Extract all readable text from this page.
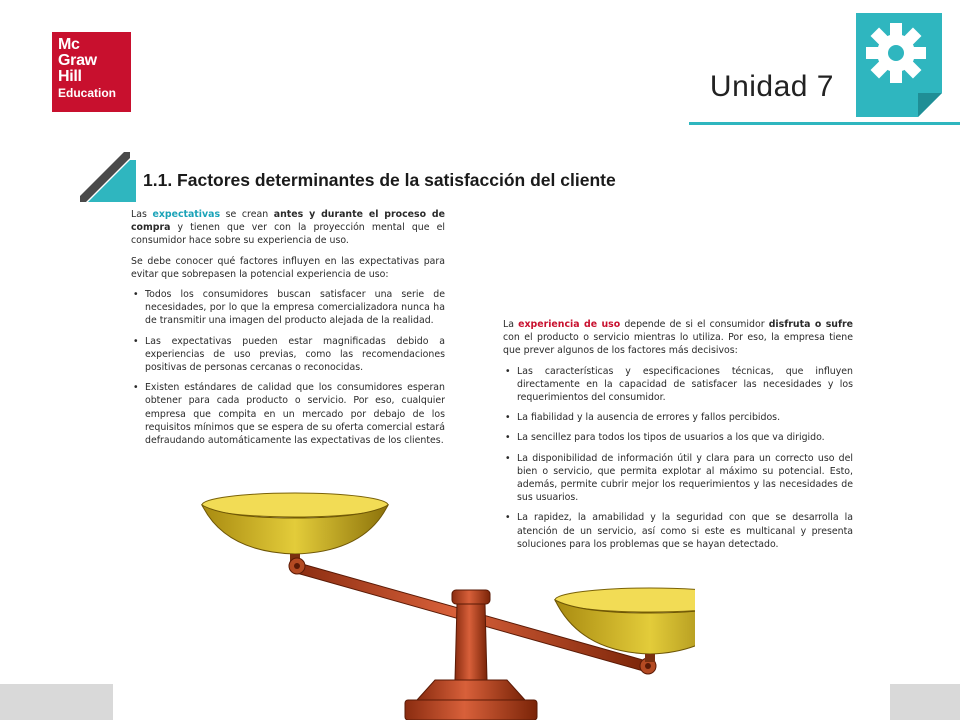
Mc
Graw
Hill
Education	Unidad 7
1.1. Factores determinantes de la satisfacción del cliente

Las expectativas se crean antes y durante el proceso de compra y tienen que ver con la proyección mental que el consumidor hace sobre su experiencia de uso.

Se debe conocer qué factores influyen en las expectativas para evitar que sobrepasen la potencial experiencia de uso:

• Todos los consumidores buscan satisfacer una serie de necesidades, por lo que la empresa comercializadora nunca ha de transmitir una imagen del producto alejada de la realidad.
• Las expectativas pueden estar magnificadas debido a experiencias de uso previas, como las recomendaciones positivas de personas cercanas o reconocidas.
• Existen estándares de calidad que los consumidores esperan obtener para cada producto o servicio. Por eso, cualquier empresa que compita en un mercado por debajo de los requisitos mínimos que se espera de su oferta comercial estará defraudando automáticamente las expectativas de los clientes.

La experiencia de uso depende de si el consumidor disfruta o sufre con el producto o servicio mientras lo utiliza. Por eso, la empresa tiene que prever algunos de los factores más decisivos:

• Las características y especificaciones técnicas, que influyen directamente en la capacidad de satisfacer las necesidades y los requerimientos del consumidor.
• La fiabilidad y la ausencia de errores y fallos percibidos.
• La sencillez para todos los tipos de usuarios a los que va dirigido.
• La disponibilidad de información útil y clara para un correcto uso del bien o servicio, que permita explotar al máximo su potencial. Esto, además, permite cubrir mejor los requerimientos y las necesidades de sus usuarios.
• La rapidez, la amabilidad y la seguridad con que se desarrolla la atención de un servicio, así como si este es multicanal y presenta soluciones para los problemas que se hayan detectado.
